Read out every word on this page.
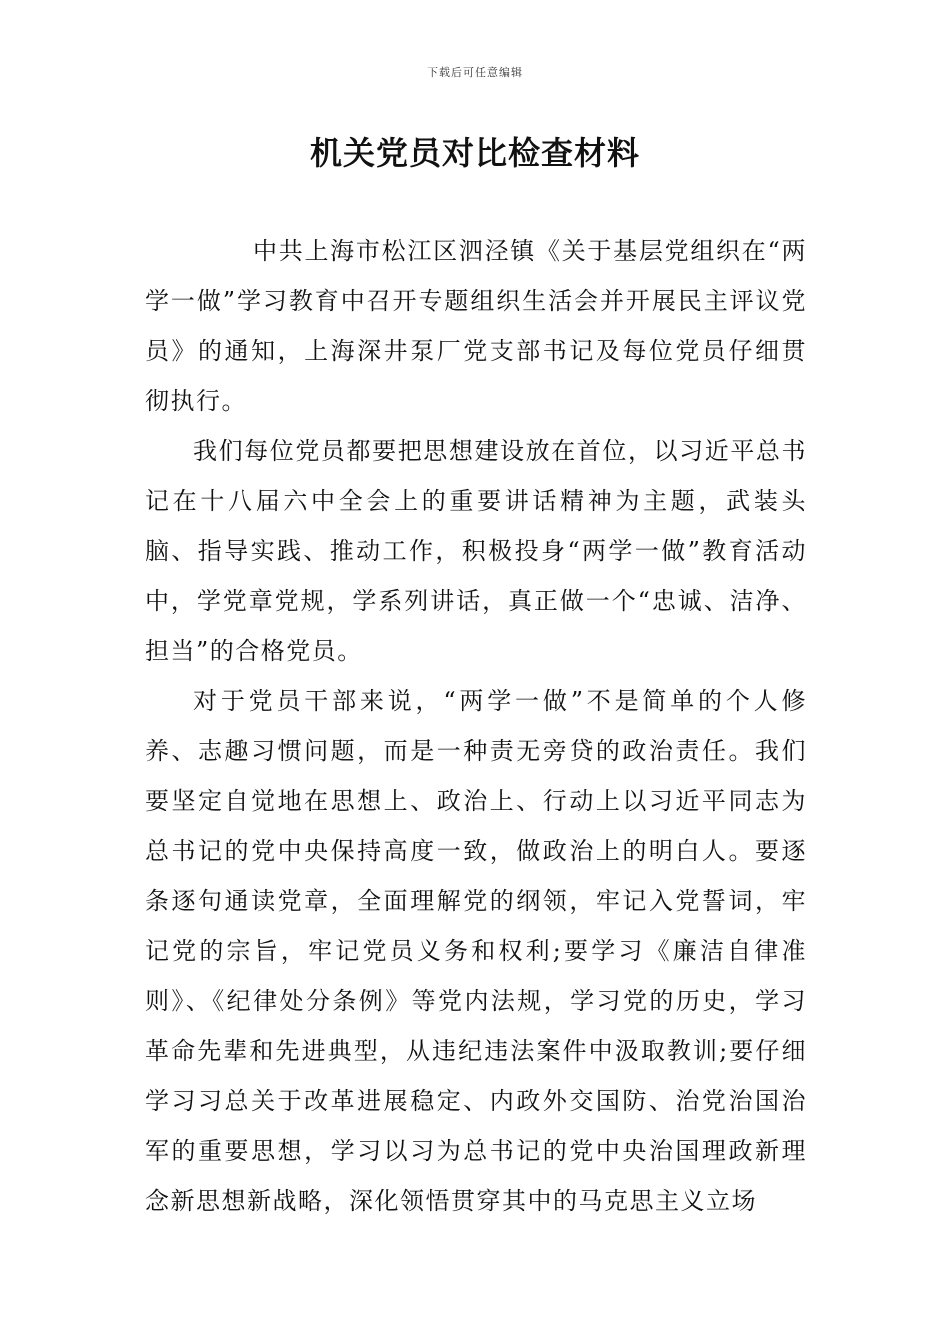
下载后可任意编辑
机关党员对比检查材料

中共上海市松江区泗泾镇《关于基层党组织在“两学一做”学习教育中召开专题组织生活会并开展民主评议党员》的通知，上海深井泵厂党支部书记及每位党员仔细贯彻执行。

我们每位党员都要把思想建设放在首位，以习近平总书记在十八届六中全会上的重要讲话精神为主题，武装头脑、指导实践、推动工作，积极投身“两学一做”教育活动中，学党章党规，学系列讲话，真正做一个“忠诚、洁净、担当”的合格党员。

对于党员干部来说，“两学一做”不是简单的个人修养、志趣习惯问题，而是一种责无旁贷的政治责任。我们要坚定自觉地在思想上、政治上、行动上以习近平同志为总书记的党中央保持高度一致，做政治上的明白人。要逐条逐句通读党章，全面理解党的纲领，牢记入党誓词，牢记党的宗旨，牢记党员义务和权利;要学习《廉洁自律准则》、《纪律处分条例》等党内法规，学习党的历史，学习革命先辈和先进典型，从违纪违法案件中汲取教训;要仔细学习习总关于改革进展稳定、内政外交国防、治党治国治军的重要思想，学习以习为总书记的党中央治国理政新理念新思想新战略，深化领悟贯穿其中的马克思主义立场
